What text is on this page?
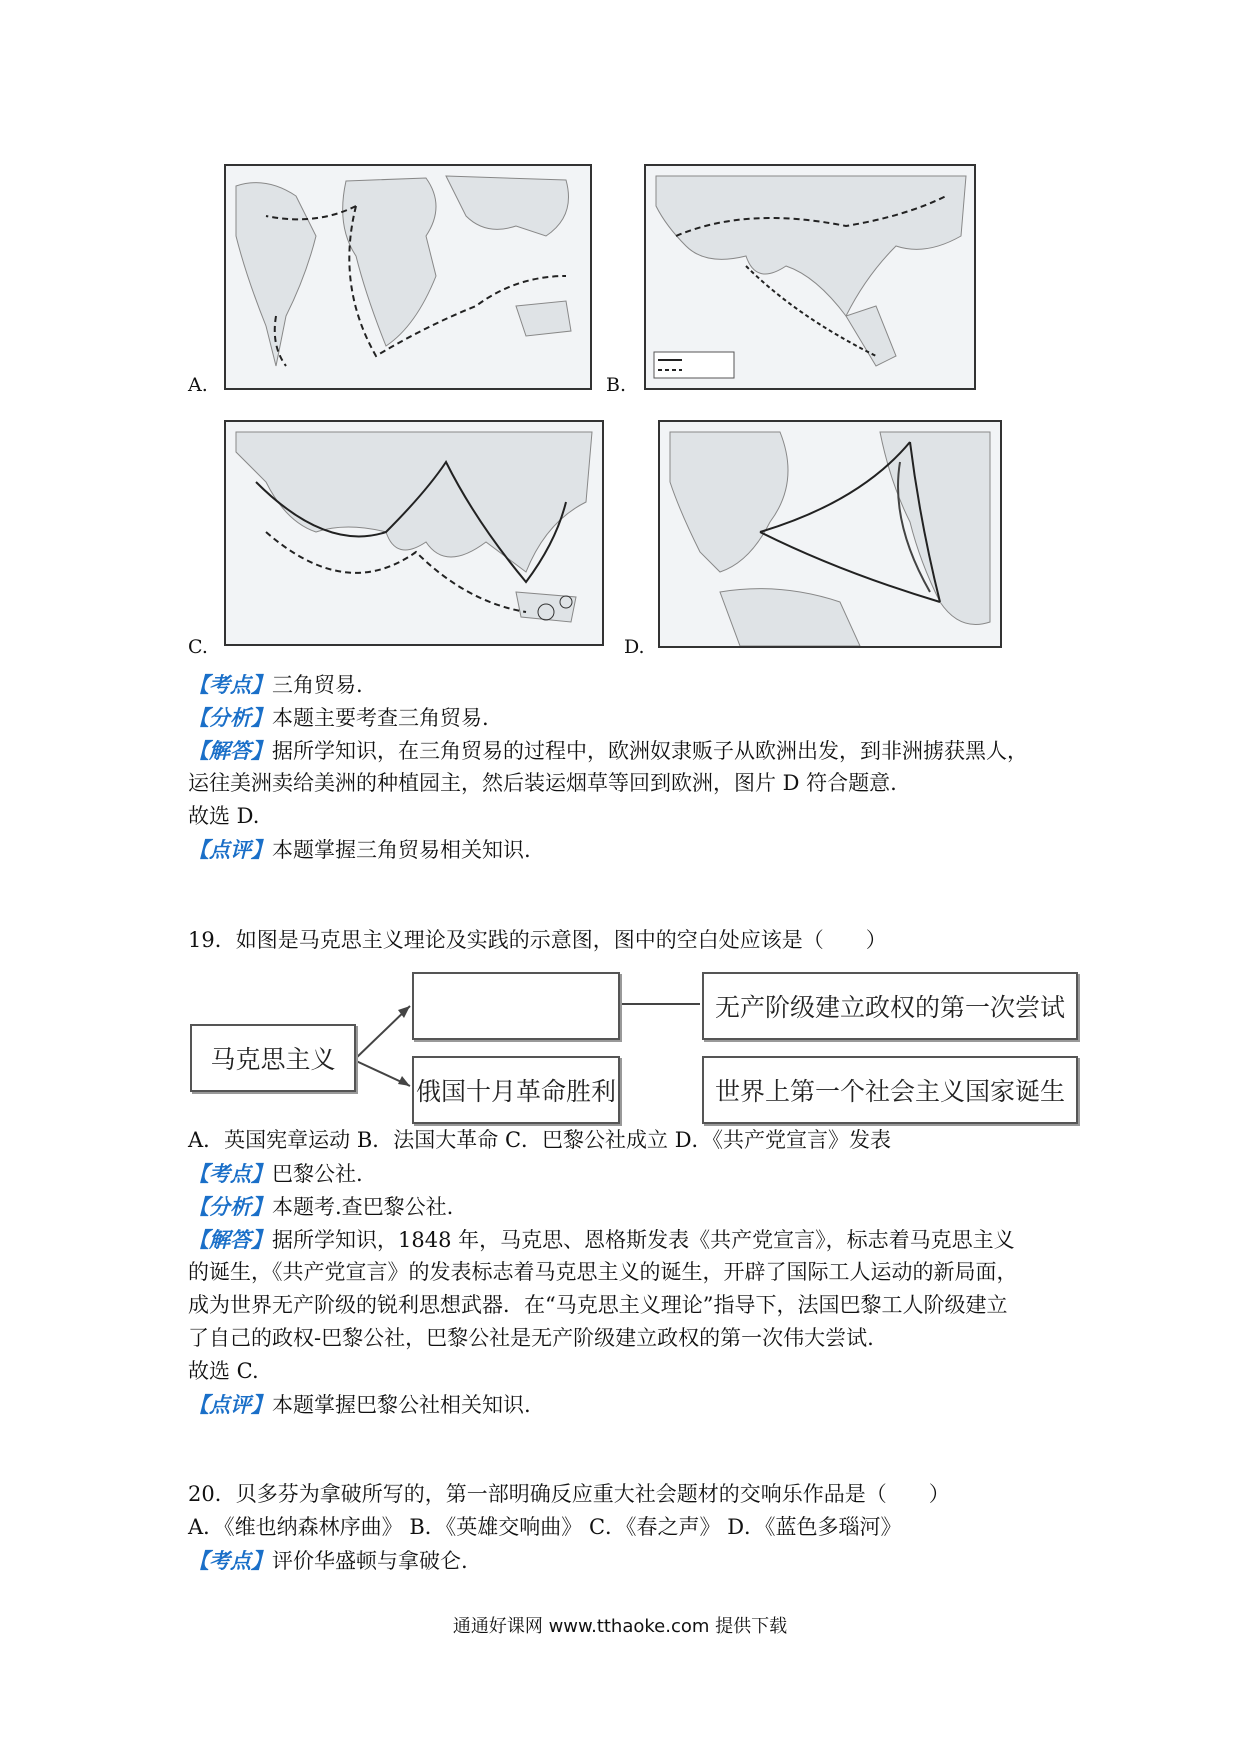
A.	B.
C.	D.
【考点】三角贸易.
【分析】本题主要考查三角贸易.
【解答】据所学知识，在三角贸易的过程中，欧洲奴隶贩子从欧洲出发，到非洲掳获黑人，
运往美洲卖给美洲的种植园主，然后装运烟草等回到欧洲，图片 D 符合题意.
故选 D.
【点评】本题掌握三角贸易相关知识.
19．如图是马克思主义理论及实践的示意图，图中的空白处应该是（　　）
马克思主义
无产阶级建立政权的第一次尝试
俄国十月革命胜利	世界上第一个社会主义国家诞生
A．英国宪章运动 B．法国大革命 C．巴黎公社成立 D．《共产党宣言》发表
【考点】巴黎公社.
【分析】本题考.查巴黎公社.
【解答】据所学知识，1848 年，马克思、恩格斯发表《共产党宣言》，标志着马克思主义
的诞生，《共产党宣言》的发表标志着马克思主义的诞生，开辟了国际工人运动的新局面，
成为世界无产阶级的锐利思想武器．在“马克思主义理论”指导下，法国巴黎工人阶级建立
了自己的政权-巴黎公社，巴黎公社是无产阶级建立政权的第一次伟大尝试.
故选 C.
【点评】本题掌握巴黎公社相关知识.
20．贝多芬为拿破所写的，第一部明确反应重大社会题材的交响乐作品是（　　）
A．《维也纳森林序曲》 B．《英雄交响曲》 C．《春之声》 D．《蓝色多瑙河》
【考点】评价华盛顿与拿破仑.
通通好课网 www.tthaoke.com 提供下载
